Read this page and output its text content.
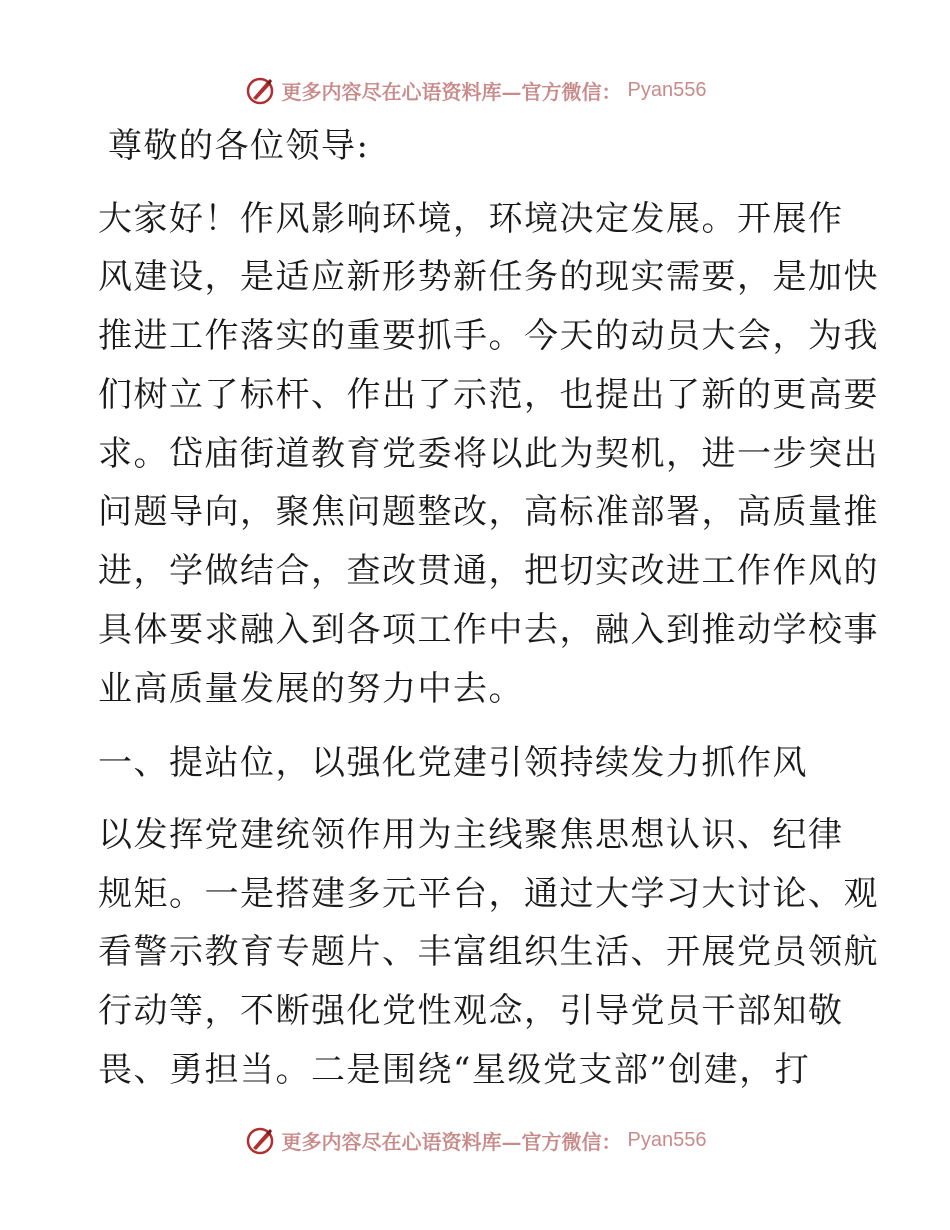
更多内容尽在心语资料库—官方微信： Pyan556
尊敬的各位领导:
大家好！作风影响环境，环境决定发展。开展作
风建设，是适应新形势新任务的现实需要，是加快
推进工作落实的重要抓手。今天的动员大会，为我
们树立了标杆、作出了示范，也提出了新的更高要
求。岱庙街道教育党委将以此为契机，进一步突出
问题导向，聚焦问题整改，高标准部署，高质量推
进，学做结合，查改贯通，把切实改进工作作风的
具体要求融入到各项工作中去，融入到推动学校事
业高质量发展的努力中去。
一、提站位，以强化党建引领持续发力抓作风
以发挥党建统领作用为主线聚焦思想认识、纪律
规矩。一是搭建多元平台，通过大学习大讨论、观
看警示教育专题片、丰富组织生活、开展党员领航
行动等，不断强化党性观念，引导党员干部知敬
畏、勇担当。二是围绕“星级党支部”创建，打
更多内容尽在心语资料库—官方微信： Pyan556
